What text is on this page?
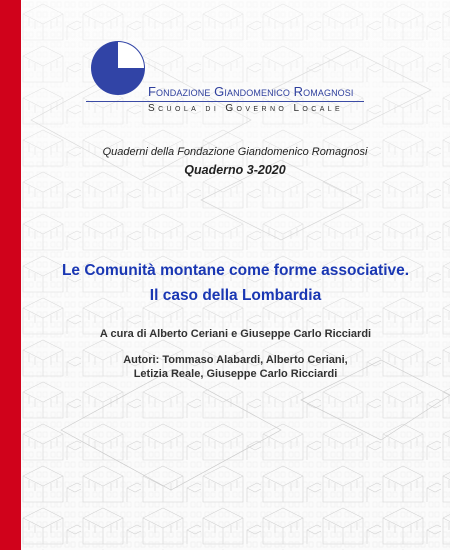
Fondazione Giandomenico Romagnosi
Scuola di Governo Locale
Quaderni della Fondazione Giandomenico Romagnosi
Quaderno 3-2020
Le Comunità montane come forme associative.
Il caso della Lombardia
A cura di Alberto Ceriani e Giuseppe Carlo Ricciardi
Autori: Tommaso Alabardi, Alberto Ceriani,
Letizia Reale, Giuseppe Carlo Ricciardi
